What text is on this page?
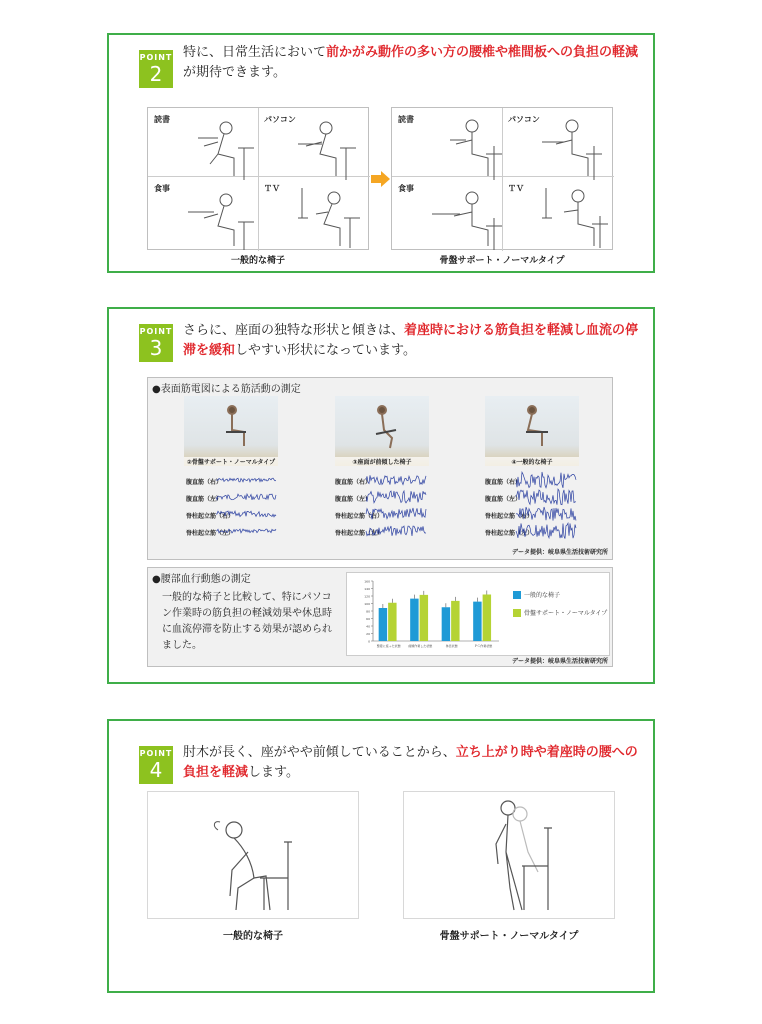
POINT
2
特に、日常生活において前かがみ動作の多い方の腰椎や椎間板への負担の軽減が期待できます。
読書	パソコン
食事	ＴＶ
一般的な椅子
読書	パソコン
食事	ＴＶ
骨盤サポート・ノーマルタイプ
POINT
3
さらに、座面の独特な形状と傾きは、着座時における筋負担を軽減し血流の停滞を緩和しやすい形状になっています。
●表面筋電図による筋活動の測定
②骨盤サポート・ノーマルタイプ	③座面が前傾した椅子	④一般的な椅子
腹直筋（右）
腹直筋（左）
脊柱起立筋（右）
脊柱起立筋（左）
腹直筋（右）
腹直筋（左）
脊柱起立筋（右）
脊柱起立筋（左）
腹直筋（右）
腹直筋（左）
脊柱起立筋（右）
脊柱起立筋（左）
データ提供：岐阜県生活技術研究所
●腰部血行動態の測定
一般的な椅子と比較して、特にパソコン作業時の筋負担の軽減効果や休息時に血流停滞を防止する効果が認められました。	0
20
40
60
80
100
120
140
160
整姿に座った状態	前傾作業した状態	休息状態	ＰＣ作業状態
一般的な椅子
骨盤サポート・ノーマルタイプ
データ提供：岐阜県生活技術研究所
POINT
4
肘木が長く、座がやや前傾していることから、立ち上がり時や着座時の腰への負担を軽減します。
一般的な椅子	骨盤サポート・ノーマルタイプ
